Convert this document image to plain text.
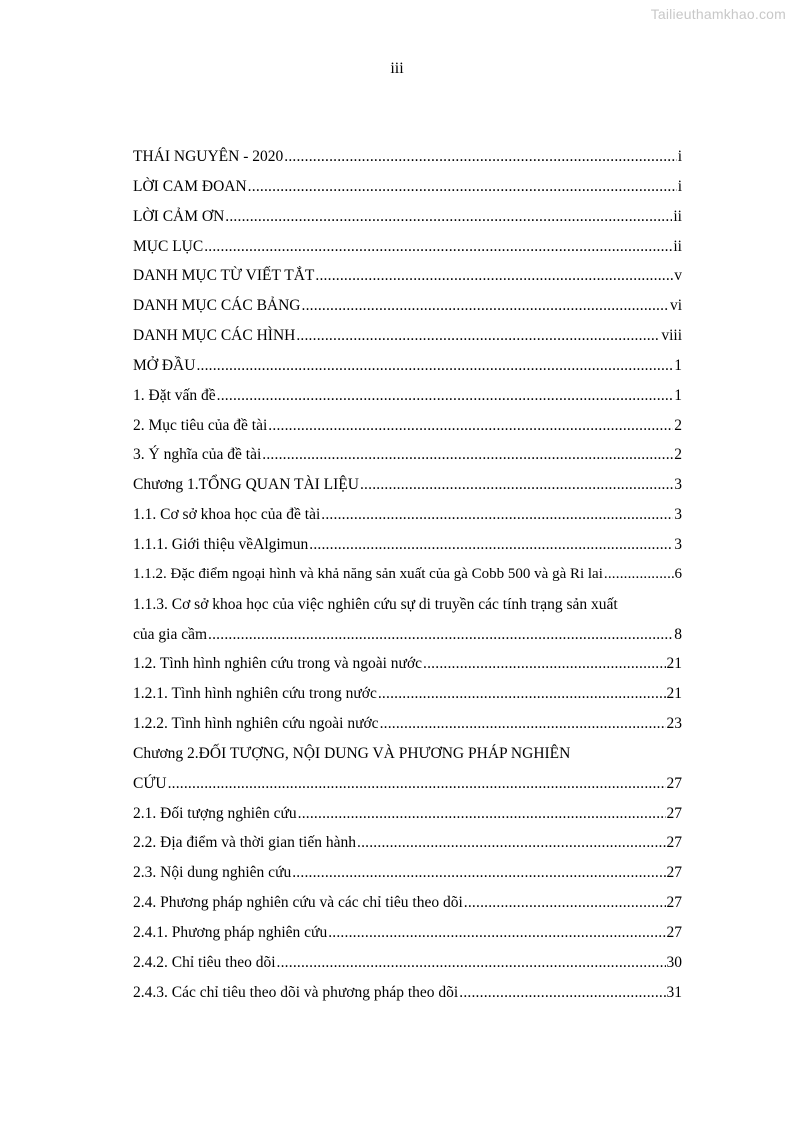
Tailieuthamkhao.com
iii
THÁI NGUYÊN - 2020 .....	i
LỜI CAM ĐOAN .....	i
LỜI CẢM ƠN .....	ii
MỤC LỤC .....	ii
DANH MỤC TỪ VIẾT TẮT .....	v
DANH MỤC CÁC BẢNG .....	vi
DANH MỤC CÁC HÌNH .....	viii
MỞ ĐẦU .....	1
1. Đặt vấn đề .....	1
2. Mục tiêu của đề tài .....	2
3. Ý nghĩa của đề tài .....	2
Chương 1.TỔNG QUAN TÀI LIỆU .....	3
1.1. Cơ sở khoa học của đề tài .....	3
1.1.1. Giới thiệu vềAlgimun .....	3
1.1.2. Đặc điểm ngoại hình và khả năng sản xuất của gà Cobb 500 và gà Ri lai .....	6
1.1.3. Cơ sở khoa học của việc nghiên cứu sự di truyền các tính trạng sản xuất
của gia cầm .....	8
1.2. Tình hình nghiên cứu trong và ngoài nước .....	21
1.2.1. Tình hình nghiên cứu trong nước .....	21
1.2.2. Tình hình nghiên cứu ngoài nước .....	23
Chương 2.ĐỐI TƯỢNG, NỘI DUNG VÀ PHƯƠNG PHÁP NGHIÊN
CỨU .....	27
2.1. Đối tượng nghiên cứu .....	27
2.2. Địa điểm và thời gian tiến hành .....	27
2.3. Nội dung nghiên cứu .....	27
2.4. Phương pháp nghiên cứu và các chỉ tiêu theo dõi .....	27
2.4.1. Phương pháp nghiên cứu .....	27
2.4.2. Chỉ tiêu theo dõi .....	30
2.4.3. Các chỉ tiêu theo dõi và phương pháp theo dõi .....	31
